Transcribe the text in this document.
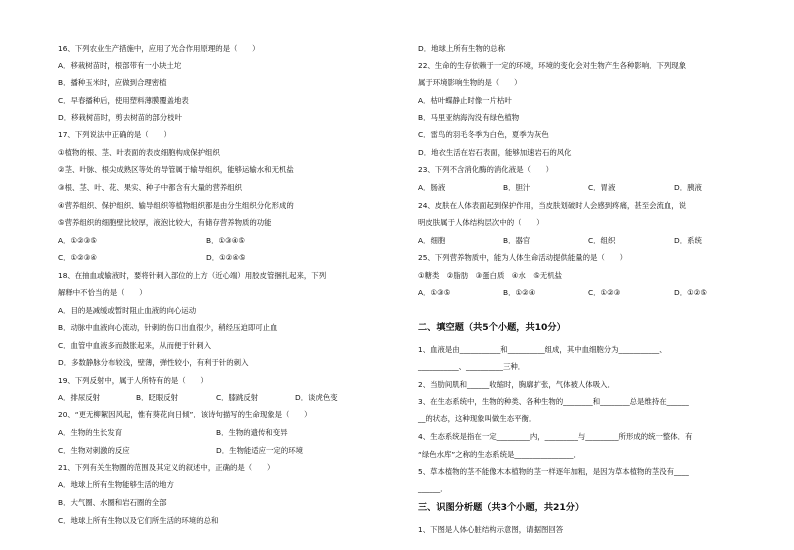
16、下列农业生产措施中，应用了光合作用原理的是（　　）
A．移栽树苗时，根部带有一小块土坨
B．播种玉米时，应做到合理密植
C．早春播种后，使用塑料薄膜覆盖地表
D．移栽树苗时，剪去树苗的部分枝叶
17、下列说法中正确的是（　　）
①植物的根、茎、叶表面的表皮细胞构成保护组织
②茎、叶脉、根尖成熟区等处的导管属于输导组织，能够运输水和无机盐
③根、茎、叶、花、果实、种子中都含有大量的营养组织
④营养组织、保护组织、输导组织等植物组织都是由分生组织分化形成的
⑤营养组织的细胞壁比较厚，液泡比较大，有储存营养物质的功能
A．①②③⑤	B．①③④⑤
C．①②③④	D．①②④⑤
18、在抽血或输液时，要将针刺入部位的上方（近心端）用胶皮管捆扎起来，下列
解释中不恰当的是（　　）
A．目的是减缓或暂时阻止血液的向心运动
B．动脉中血液向心流动，针刺的伤口出血很少，稍经压迫即可止血
C．血管中血液多而鼓胀起来，从而便于针刺入
D．多数静脉分布较浅，壁薄，弹性较小，有利于针的刺入
19、下列反射中，属于人所特有的是（　　）
A．排尿反射	B．眨眼反射	C．膝跳反射	D．谈虎色变
20、“更无柳絮因风起，惟有葵花向日倾”．该诗句描写的生命现象是（　　）
A．生物的生长发育	B．生物的遗传和变异
C．生物对刺激的反应	D．生物能适应一定的环境
21、下列有关生物圈的范围及其定义的叙述中，正确的是（　　）
A．地球上所有生物能够生活的地方
B．大气圈、水圈和岩石圈的全部
C．地球上所有生物以及它们所生活的环境的总和
D．地球上所有生物的总称
22、生命的生存依赖于一定的环境，环境的变化会对生物产生各种影响．下列现象
属于环境影响生物的是（　　）
A．枯叶蝶静止时像一片枯叶
B．马里亚纳海沟没有绿色植物
C．雷鸟的羽毛冬季为白色，夏季为灰色
D．地衣生活在岩石表面，能够加速岩石的风化
23、下列不含消化酶的消化液是（　　）
A．肠液	B．胆汁	C．胃液	D．胰液
24、皮肤在人体表面起到保护作用，当皮肤划破时人会感到疼痛，甚至会流血，说
明皮肤属于人体结构层次中的（　　）
A．细胞	B．器官	C．组织	D．系统
25、下列营养物质中，能为人体生命活动提供能量的是（　　）
①糖类　②脂肪　③蛋白质　④水　⑤无机盐
A．①③⑤	B．①②④	C．①②③	D．①②⑤
二、填空题（共5个小题，共10分）
1、血液是由___________和__________组成，其中血细胞分为___________、
___________、__________三种．
2、当肋间肌和______收缩时，胸廓扩张，气体被人体吸入．
3、在生态系统中，生物的种类、各种生物的________和________总是维持在______
__的状态，这种现象叫做生态平衡．
4、生态系统是指在一定_________内，_________与_________所形成的统一整体．有
“绿色水库”之称的生态系统是________________．
5、草本植物的茎不能像木本植物的茎一样逐年加粗，是因为草本植物的茎没有____
______．
三、识图分析题（共3个小题，共21分）
1、下图是人体心脏结构示意图，请据图回答
